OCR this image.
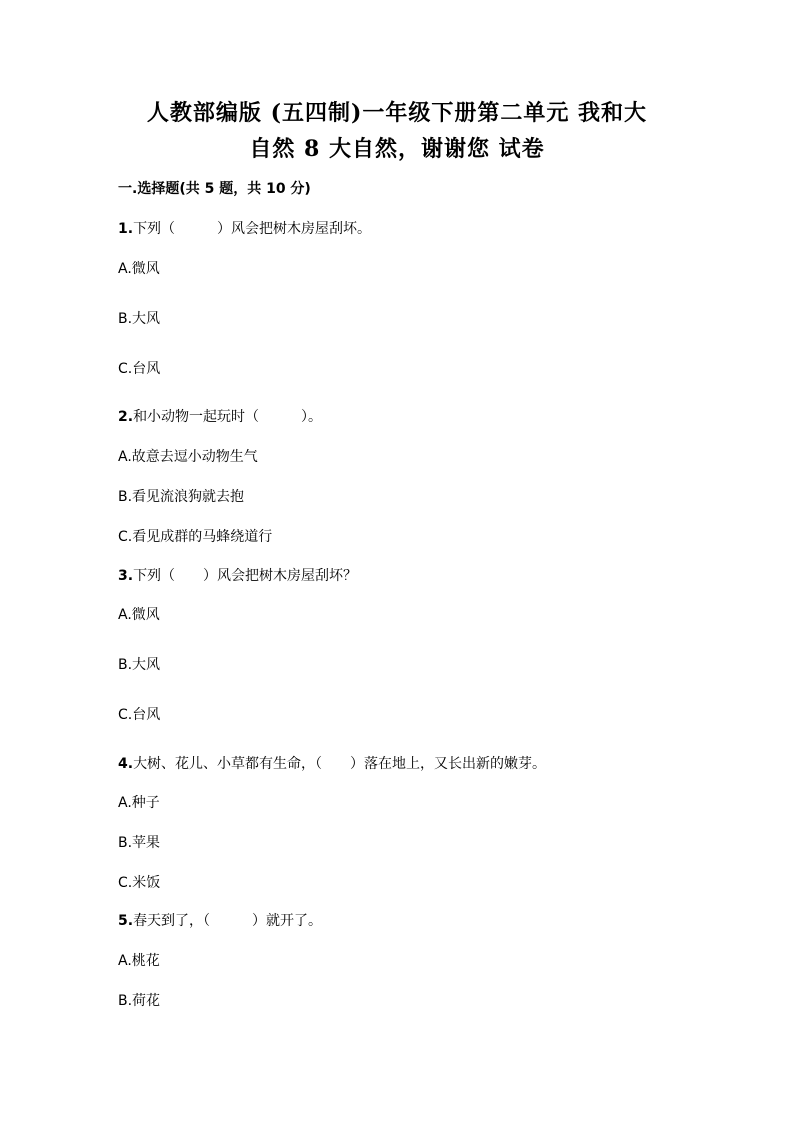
人教部编版 (五四制)一年级下册第二单元 我和大
自然 8 大自然，谢谢您 试卷
一.选择题(共 5 题，共 10 分)
1.下列（　　　）风会把树木房屋刮坏。
A.微风
B.大风
C.台风
2.和小动物一起玩时（　　　）。
A.故意去逗小动物生气
B.看见流浪狗就去抱
C.看见成群的马蜂绕道行
3.下列（　　）风会把树木房屋刮坏？
A.微风
B.大风
C.台风
4.大树、花儿、小草都有生命，（　　）落在地上，又长出新的嫩芽。
A.种子
B.苹果
C.米饭
5.春天到了，（　　　）就开了。
A.桃花
B.荷花
